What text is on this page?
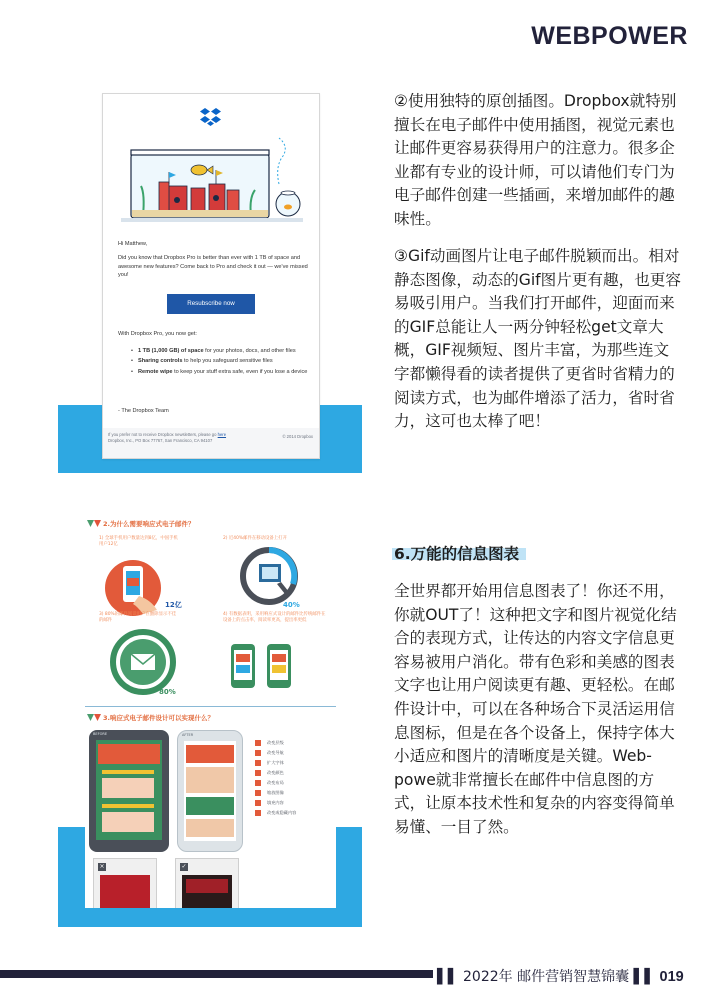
WEBPOWER
Hi Matthew,
Did you know that Dropbox Pro is better than ever with 1 TB of space and awesome new features? Come back to Pro and check it out — we've missed you!
Resubscribe now
With Dropbox Pro, you now get:
• 1 TB (1,000 GB) of space for your photos, docs, and other files
• Sharing controls to help you safeguard sensitive files
• Remote wipe to keep your stuff extra safe, even if you lose a device
- The Dropbox Team
If you prefer not to receive Dropbox newsletters, please go here
Dropbox, Inc., PO Box 77767, San Francisco, CA 94107
© 2014 Dropbox
2.为什么需要响应式电子邮件？
1) 全球手机用户数量达到8亿，中国手机用户12亿
2) 近40%邮件在移动设备上打开
12亿	40%
3) 80%的邮件阅读用户在删除显示不佳的邮件
4) 有数据表明，采用响应式设计的邮件比传统邮件在设备上的点击率，阅读率更高，提出率更低
80%
3.响应式电子邮件设计可以实现什么？
BEFORE	AFTER
改变层级
改变导航
扩大字体
改变颜色
改变布局
缩放图像
填充内容
改变或隐藏内容
×	✓
②使用独特的原创插图。Dropbox就特别擅长在电子邮件中使用插图，视觉元素也让邮件更容易获得用户的注意力。很多企业都有专业的设计师，可以请他们专门为电子邮件创建一些插画，来增加邮件的趣味性。
③Gif动画图片让电子邮件脱颖而出。相对静态图像，动态的Gif图片更有趣，也更容易吸引用户。当我们打开邮件，迎面而来的GIF总能让人一两分钟轻松get文章大概，GIF视频短、图片丰富，为那些连文字都懒得看的读者提供了更省时省精力的阅读方式，也为邮件增添了活力，省时省力，这可也太棒了吧！
6.万能的信息图表
全世界都开始用信息图表了！你还不用，你就OUT了！这种把文字和图片视觉化结合的表现方式，让传达的内容文字信息更容易被用户消化。带有色彩和美感的图表文字也让用户阅读更有趣、更轻松。在邮件设计中，可以在各种场合下灵活运用信息图标，但是在各个设备上，保持字体大小适应和图片的清晰度是关键。Web-powe就非常擅长在邮件中信息图的方式，让原本技术性和复杂的内容变得简单易懂、一目了然。
▌▌ 2022年 邮件营销智慧锦囊 ▌▌ 019
